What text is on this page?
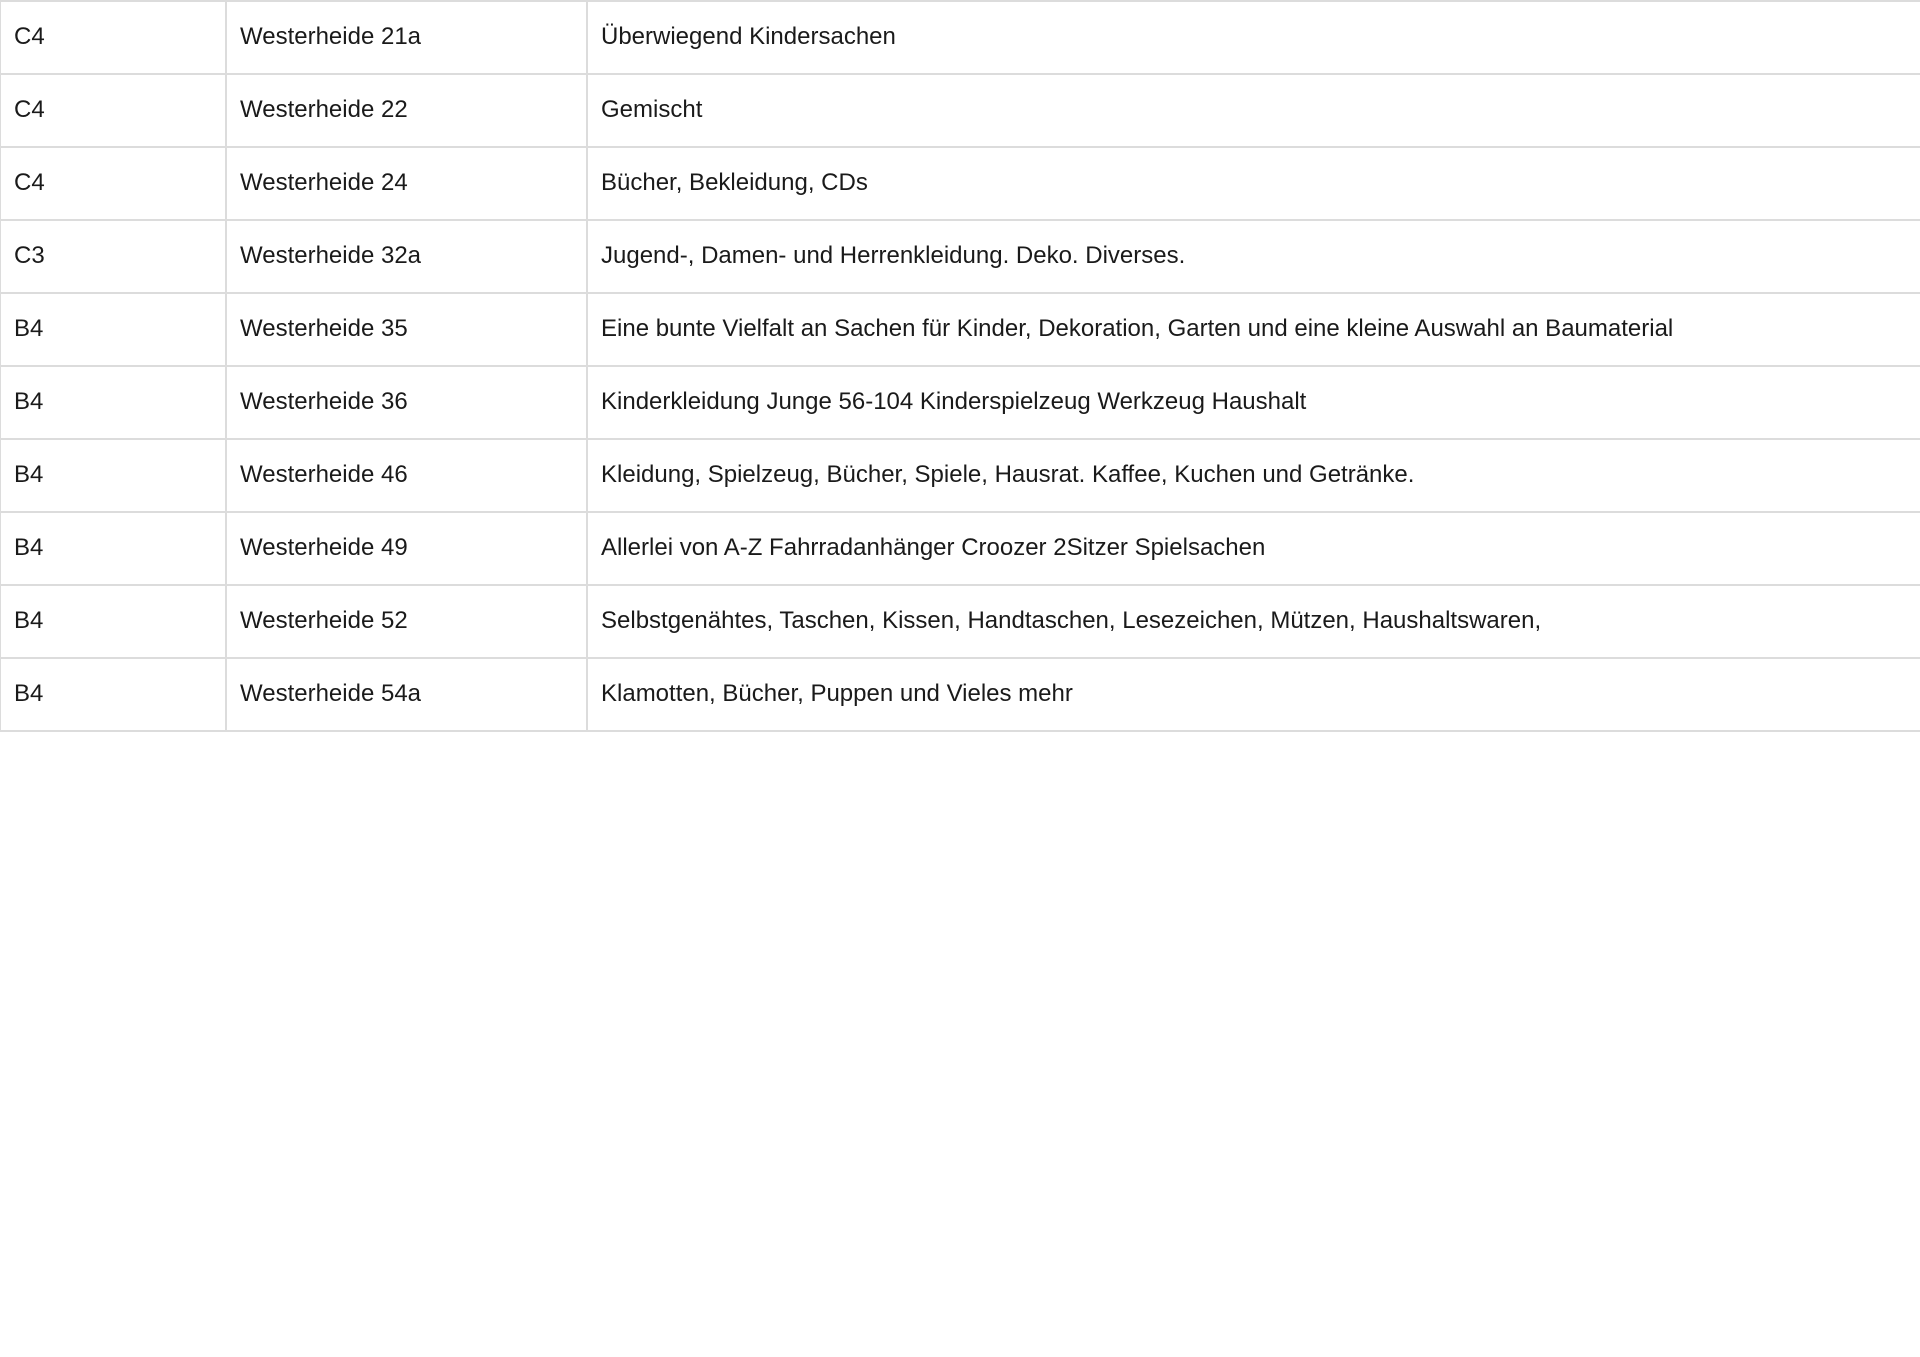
C4	Westerheide 21a	Überwiegend Kindersachen
C4	Westerheide 22	Gemischt
C4	Westerheide 24	Bücher, Bekleidung, CDs
C3	Westerheide 32a	Jugend-, Damen- und Herrenkleidung. Deko. Diverses.
B4	Westerheide 35	Eine bunte Vielfalt an Sachen für Kinder, Dekoration, Garten und eine kleine Auswahl an Baumaterial
B4	Westerheide 36	Kinderkleidung Junge 56-104 Kinderspielzeug Werkzeug Haushalt
B4	Westerheide 46	Kleidung, Spielzeug, Bücher, Spiele, Hausrat. Kaffee, Kuchen und Getränke.
B4	Westerheide 49	Allerlei von A-Z Fahrradanhänger Croozer 2Sitzer Spielsachen
B4	Westerheide 52	Selbstgenähtes, Taschen, Kissen, Handtaschen, Lesezeichen, Mützen, Haushaltswaren,
B4	Westerheide 54a	Klamotten, Bücher, Puppen und Vieles mehr
